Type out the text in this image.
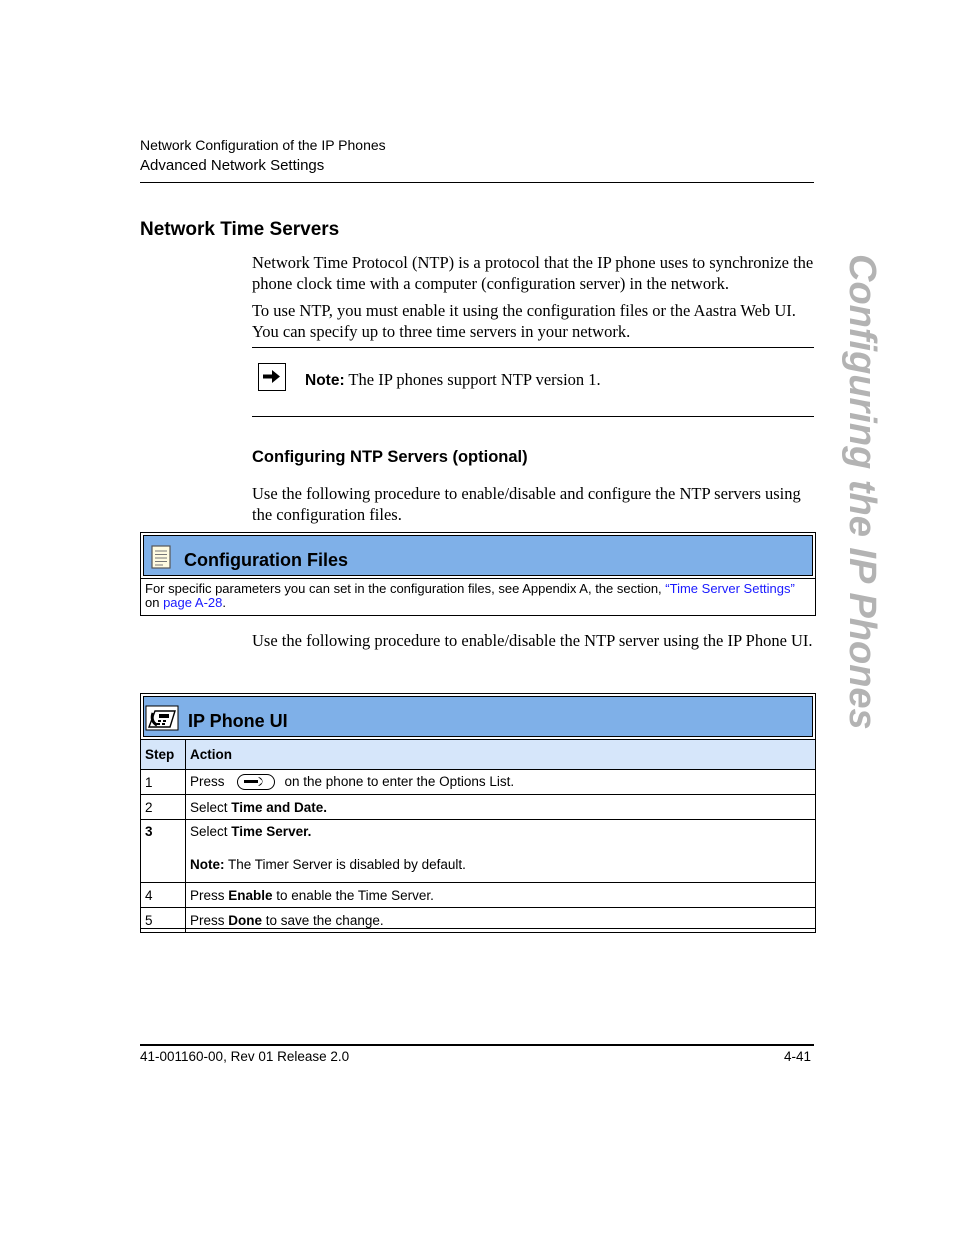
Network Configuration of the IP Phones
Advanced Network Settings
Network Time Servers
Network Time Protocol (NTP) is a protocol that the IP phone uses to synchronize the phone clock time with a computer (configuration server) in the network.
To use NTP, you must enable it using the configuration files or the Aastra Web UI. You can specify up to three time servers in your network.
Note: The IP phones support NTP version 1.
Configuring NTP Servers (optional)
Use the following procedure to enable/disable and configure the NTP servers using the configuration files.
Configuration Files
For specific parameters you can set in the configuration files, see Appendix A, the section, “Time Server Settings” on page A-28.
Use the following procedure to enable/disable the NTP server using the IP Phone UI.
IP Phone UI
Step	Action
1	Press on the phone to enter the Options List.
2	Select Time and Date.
3	Select Time Server.
Note: The Timer Server is disabled by default.
4	Press Enable to enable the Time Server.
5	Press Done to save the change.
41-001160-00, Rev 01 Release 2.0	4-41
Configuring the IP Phones
